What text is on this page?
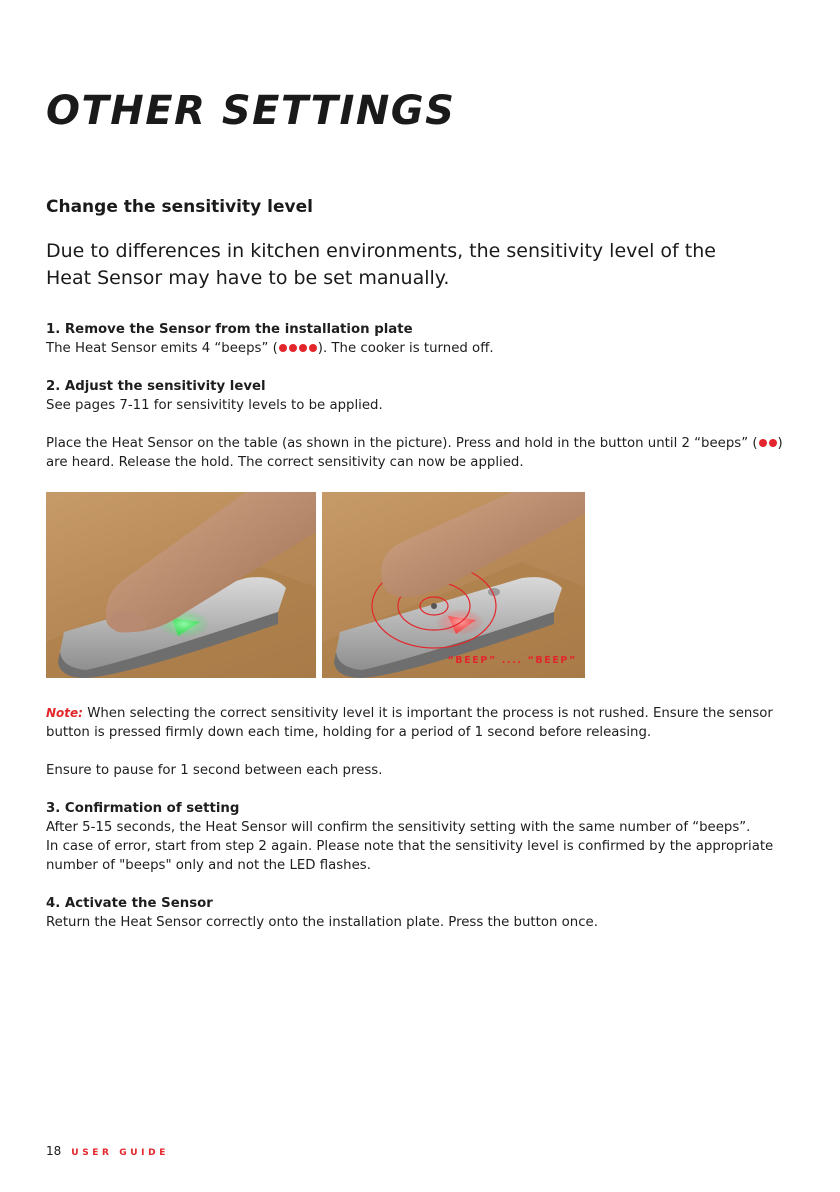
OTHER SETTINGS
Change the sensitivity level
Due to differences in kitchen environments, the sensitivity level of the
Heat Sensor may have to be set manually.

1. Remove the Sensor from the installation plate

The Heat Sensor emits 4 “beeps” (	). The cooker is turned off.

2. Adjust the sensitivity level

See pages 7-11 for sensivitity levels to be applied.

Place the Heat Sensor on the table (as shown in the picture). Press and hold in the button until 2 “beeps” ( )

are heard. Release the hold. The correct sensitivity can now be applied.

“BEEP” .... “BEEP”

Note: When selecting the correct sensitivity level it is important the process is not rushed. Ensure the sensor

button is pressed firmly down each time, holding for a period of 1 second before releasing.

Ensure to pause for 1 second between each press.

3. Confirmation of setting

After 5-15 seconds, the Heat Sensor will confirm the sensitivity setting with the same number of “beeps”.

In case of error, start from step 2 again. Please note that the sensitivity level is confirmed by the appropriate

number of "beeps" only and not the LED flashes.

4. Activate the Sensor

Return the Heat Sensor correctly onto the installation plate. Press the button once.

18 USER GUIDE
